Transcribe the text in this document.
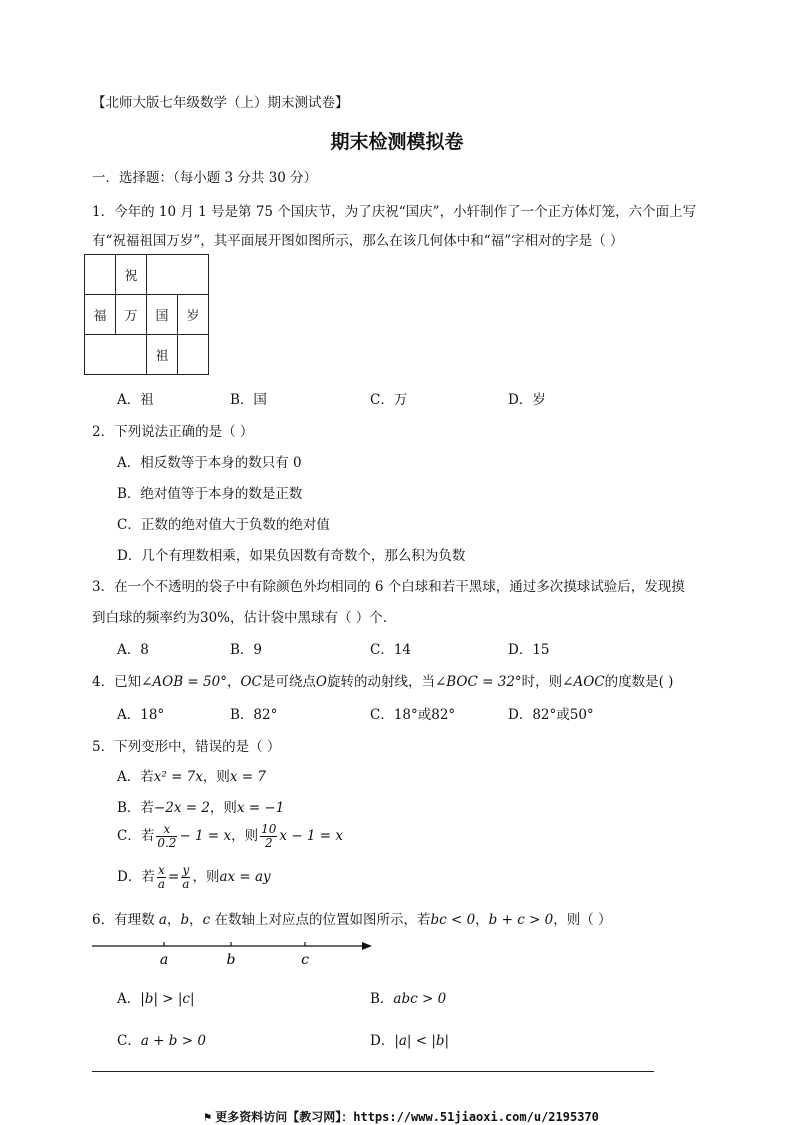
【北师大版七年级数学（上）期末测试卷】
期末检测模拟卷
一．选择题：（每小题 3 分共 30 分）
1．今年的 10 月 1 号是第 75 个国庆节，为了庆祝“国庆”，小轩制作了一个正方体灯笼，六个面上写
有“祝福祖国万岁”，其平面展开图如图所示，那么在该几何体中和“福”字相对的字是（ ）
	祝		
福	万	国	岁
		祖	
A．祖	B．国	C．万	D．岁
2．下列说法正确的是（ ）
A．相反数等于本身的数只有 0
B．绝对值等于本身的数是正数
C．正数的绝对值大于负数的绝对值
D．几个有理数相乘，如果负因数有奇数个，那么积为负数
3．在一个不透明的袋子中有除颜色外均相同的 6 个白球和若干黑球，通过多次摸球试验后，发现摸
到白球的频率约为30%，估计袋中黑球有（ ）个．
A．8	B．9	C．14	D．15
4．已知∠AOB = 50°，OC是可绕点O旋转的动射线，当∠BOC = 32°时，则∠AOC的度数是( )
A．18°	B．82°	C．18°或82°	D．82°或50°
5．下列变形中，错误的是（ ）
A．若x² = 7x，则x = 7
B．若−2x = 2，则x = −1
C．若 $\frac{x}{0.2} - 1 = x$，则 $\frac{10}{2}$ x − 1 = x
D．若 $\frac{x}{a} = \frac{y}{a}$ ，则ax = ay
6．有理数 a，b，c 在数轴上对应点的位置如图所示，若bc < 0，b + c > 0，则（ ）
a	b	c
A．|b| > |c|	B．abc > 0
C．a + b > 0	D．|a| < |b|
⚑ 更多资料访问【教习网】：https://www.51jiaoxi.com/u/2195370
